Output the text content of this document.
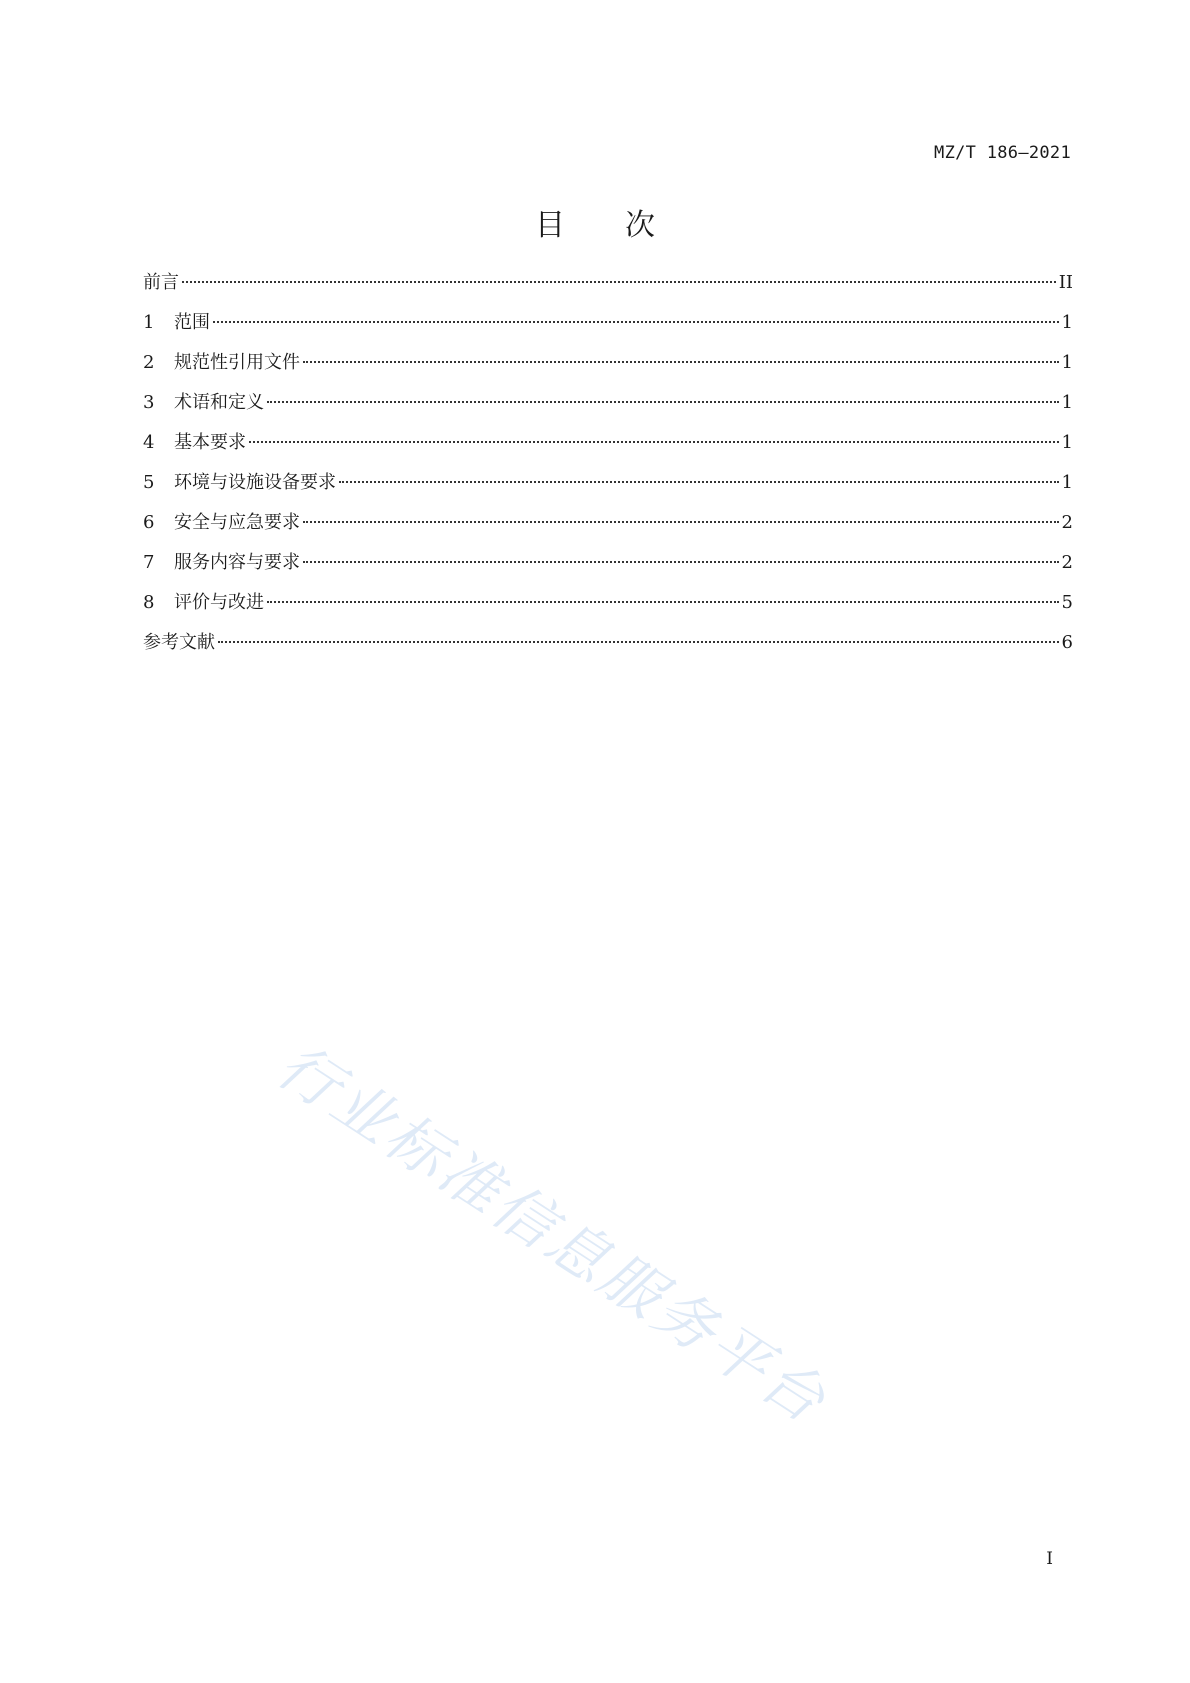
MZ/T 186—2021
目 次
前言	II
1	范围	1
2	规范性引用文件	1
3	术语和定义	1
4	基本要求	1
5	环境与设施设备要求	1
6	安全与应急要求	2
7	服务内容与要求	2
8	评价与改进	5
参考文献	6
行业标准信息服务平台
I
